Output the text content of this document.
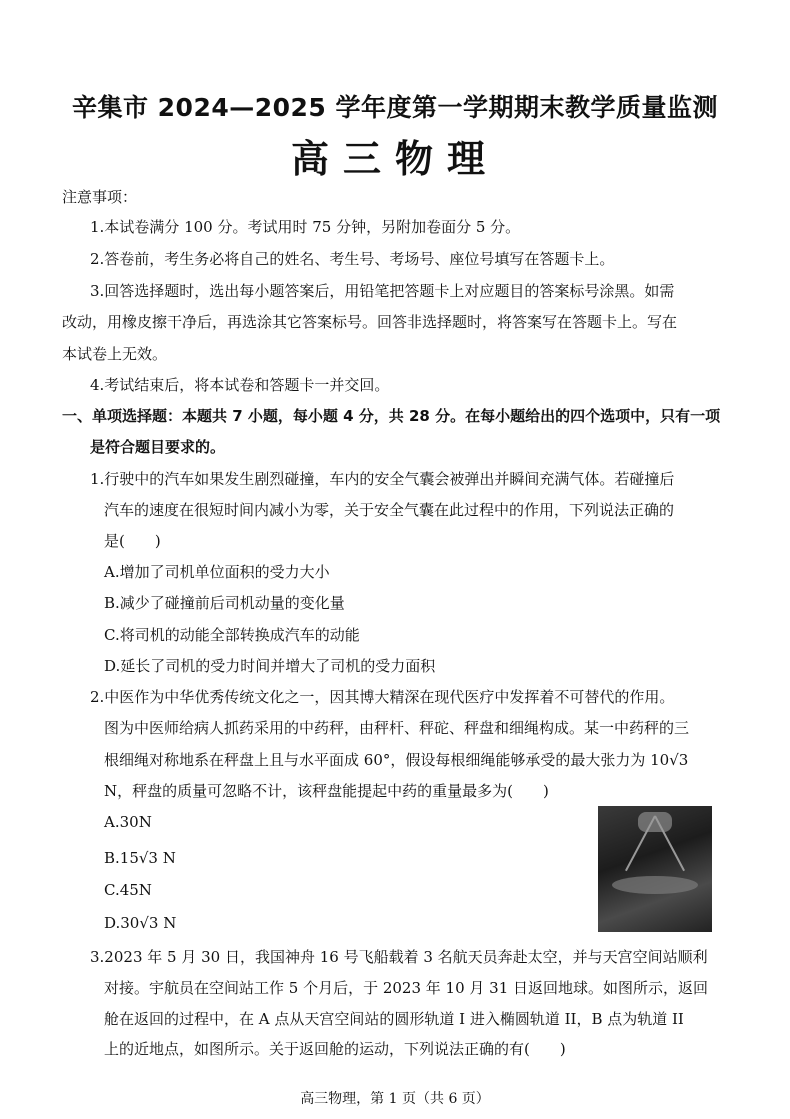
辛集市 2024—2025 学年度第一学期期末教学质量监测
高三物理
注意事项：
1.本试卷满分 100 分。考试用时 75 分钟，另附加卷面分 5 分。
2.答卷前，考生务必将自己的姓名、考生号、考场号、座位号填写在答题卡上。
3.回答选择题时，选出每小题答案后，用铅笔把答题卡上对应题目的答案标号涂黑。如需
改动，用橡皮擦干净后，再选涂其它答案标号。回答非选择题时，将答案写在答题卡上。写在
本试卷上无效。
4.考试结束后，将本试卷和答题卡一并交回。
一、单项选择题：本题共 7 小题，每小题 4 分，共 28 分。在每小题给出的四个选项中，只有一项
是符合题目要求的。
1.行驶中的汽车如果发生剧烈碰撞，车内的安全气囊会被弹出并瞬间充满气体。若碰撞后
汽车的速度在很短时间内减小为零，关于安全气囊在此过程中的作用，下列说法正确的
是(　　)
A.增加了司机单位面积的受力大小
B.减少了碰撞前后司机动量的变化量
C.将司机的动能全部转换成汽车的动能
D.延长了司机的受力时间并增大了司机的受力面积
2.中医作为中华优秀传统文化之一，因其博大精深在现代医疗中发挥着不可替代的作用。
图为中医师给病人抓药采用的中药秤，由秤杆、秤砣、秤盘和细绳构成。某一中药秤的三
根细绳对称地系在秤盘上且与水平面成 60°，假设每根细绳能够承受的最大张力为 10√3
N，秤盘的质量可忽略不计，该秤盘能提起中药的重量最多为(　　)
A.30N
B.15√3 N
C.45N
D.30√3 N
3.2023 年 5 月 30 日，我国神舟 16 号飞船载着 3 名航天员奔赴太空，并与天宫空间站顺利
对接。宇航员在空间站工作 5 个月后，于 2023 年 10 月 31 日返回地球。如图所示，返回
舱在返回的过程中，在 A 点从天宫空间站的圆形轨道 I 进入椭圆轨道 II，B 点为轨道 II
上的近地点，如图所示。关于返回舱的运动，下列说法正确的有(　　)
高三物理，第 1 页（共 6 页）
